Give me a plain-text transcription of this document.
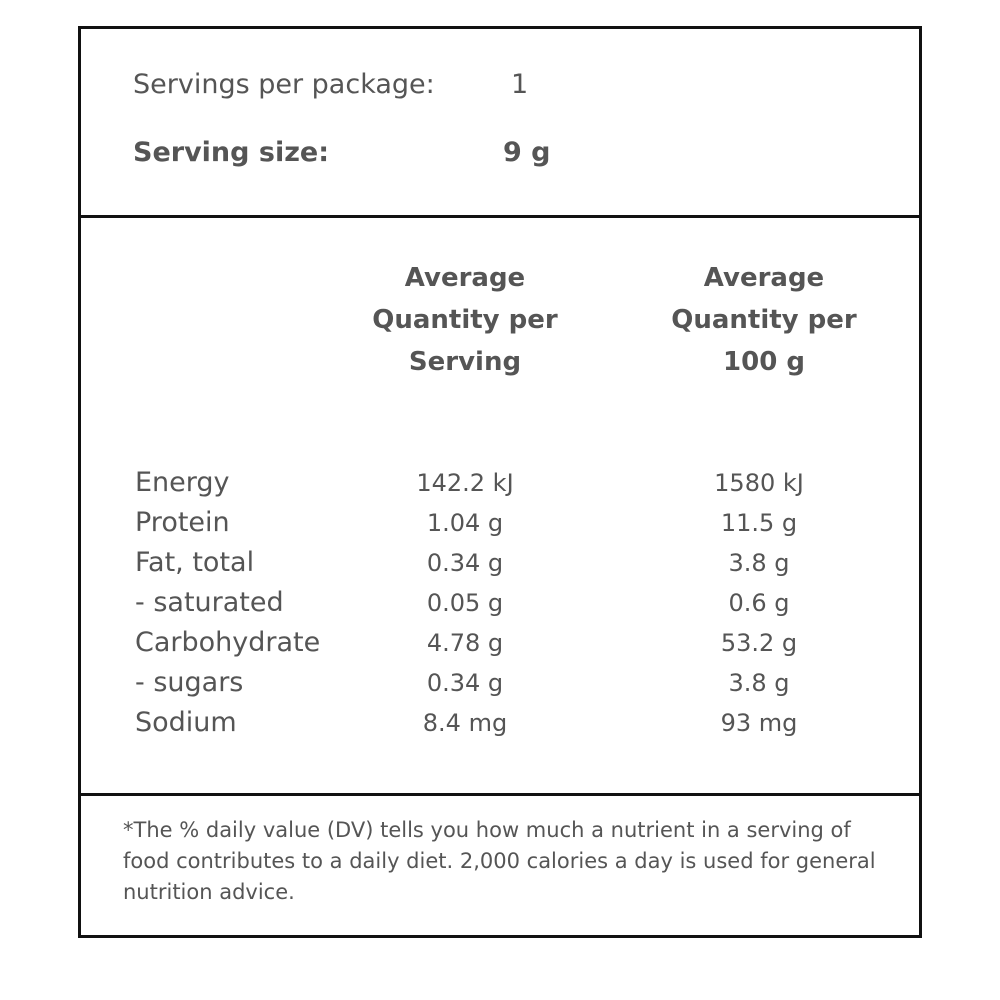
Servings per package:	1
Serving size:	9 g
Average Quantity per Serving
Average Quantity per 100 g
Energy	142.2 kJ	1580 kJ
Protein	1.04 g	11.5 g
Fat, total	0.34 g	3.8 g
- saturated	0.05 g	0.6 g
Carbohydrate	4.78 g	53.2 g
- sugars	0.34 g	3.8 g
Sodium	8.4 mg	93 mg
*The % daily value (DV) tells you how much a nutrient in a serving of food contributes to a daily diet. 2,000 calories a day is used for general nutrition advice.
